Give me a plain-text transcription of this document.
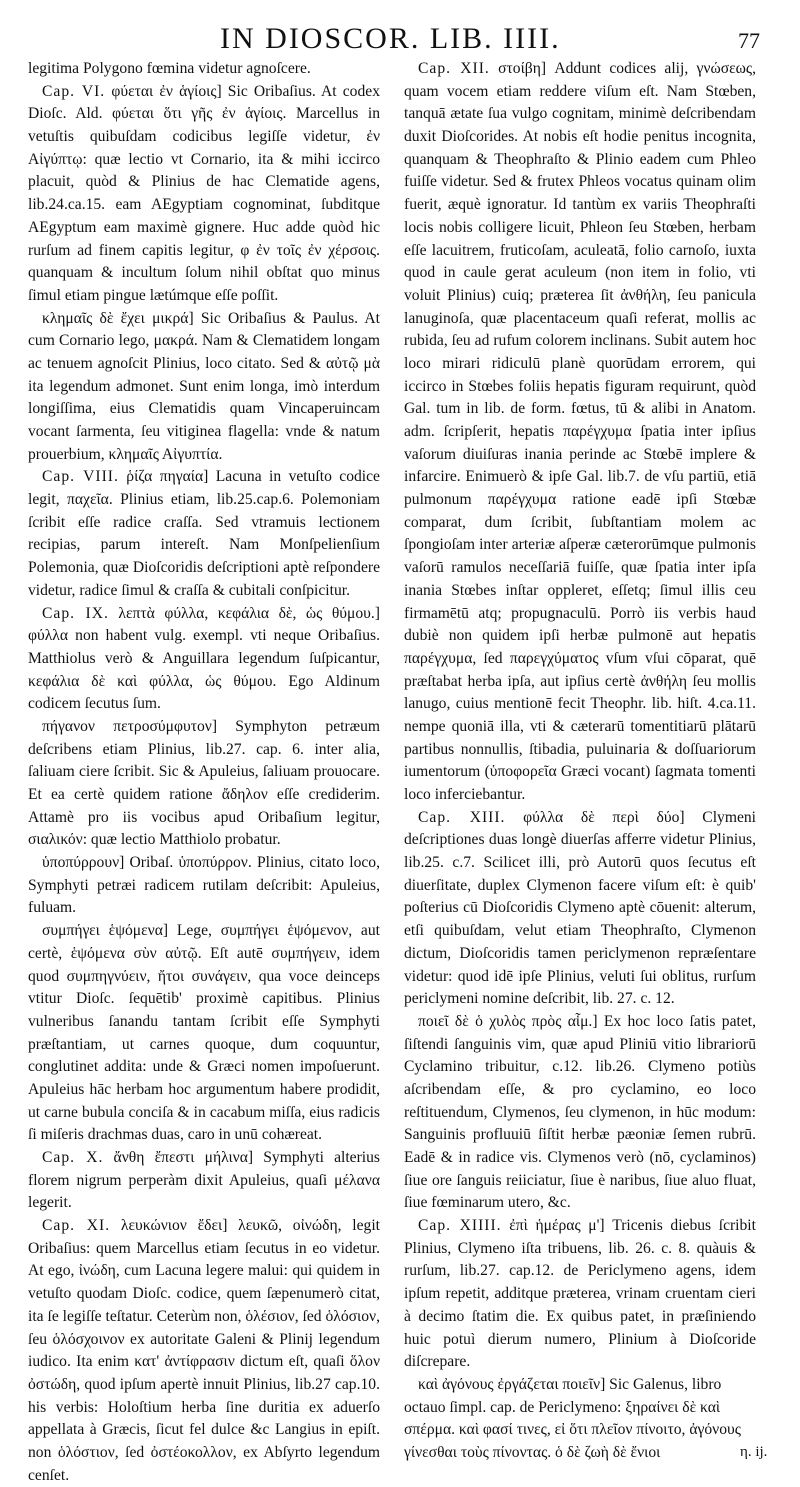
IN DIOSCOR. LIB. IIII.	77

legitima Polygono fœmina videtur agnoſcere.

Cap. VI. φύεται ἐν ἁγίοις] Sic Oribaſius. At codex Dioſc. Ald. φύεται ὅτι γῆς ἐν ἁγίοις. Marcellus in vetuſtis quibuſdam codicibus legiſſe videtur, ἐν Αἰγύπτῳ: quæ lectio vt Cornario, ita & mihi iccirco placuit, quòd & Plinius de hac Clematide agens, lib.24.ca.15. eam AEgyptiam cognominat, ſubditque AEgyptum eam maximè gignere. Huc adde quòd hic rurſum ad finem capitis legitur, φ ἐν τοῖς ἐν χέρσοις. quanquam & incultum ſolum nihil obſtat quo minus ſimul etiam pingue lætúmque eſſe poſſit.

κλημαῖς δὲ ἔχει μικρά] Sic Oribaſius & Paulus. At cum Cornario lego, μακρά. Nam & Clematidem longam ac tenuem agnoſcit Plinius, loco citato. Sed & αὐτῷ μὰ ita legendum admonet. Sunt enim longa, imò interdum longiſſima, eius Clematidis quam Vincaperuincam vocant ſarmenta, ſeu vitiginea flagella: vnde & natum prouerbium, κλημαῖς Αἰγυπτία.

Cap. VIII. ῥίζα πηγαία] Lacuna in vetuſto codice legit, παχεῖα. Plinius etiam, lib.25.cap.6. Polemoniam ſcribit eſſe radice craſſa. Sed vtramuis lectionem recipias, parum intereſt. Nam Monſpelienſium Polemonia, quæ Dioſcoridis deſcriptioni aptè reſpondere videtur, radice ſimul & craſſa & cubitali conſpicitur.

Cap. IX. λεπτὰ φύλλα, κεφάλια δὲ, ὡς θύμου.] φύλλα non habent vulg. exempl. vti neque Oribaſius. Matthiolus verò & Anguillara legendum ſuſpicantur, κεφάλια δὲ καὶ φύλλα, ὡς θύμου. Ego Aldinum codicem ſecutus ſum.

πήγανον πετροσύμφυτον] Symphyton petræum deſcribens etiam Plinius, lib.27. cap. 6. inter alia, ſaliuam ciere ſcribit. Sic & Apuleius, ſaliuam prouocare. Et ea certè quidem ratione ἄδηλον eſſe crediderim. Attamè pro iis vocibus apud Oribaſium legitur, σιαλικόν: quæ lectio Matthiolo probatur.

ὑποπύρρουν] Oribaſ. ὑποπύρρον. Plinius, citato loco, Symphyti petræi radicem rutilam deſcribit: Apuleius, fuluam.

συμπήγει ἑψόμενα] Lege, συμπήγει ἑψόμενον, aut certè, ἑψόμενα σὺν αὐτῷ. Eſt autē συμπήγειν, idem quod συμπηγνύειν, ἤτοι συνάγειν, qua voce deinceps vtitur Dioſc. ſequētib' proximè capitibus. Plinius vulneribus ſanandu tantam ſcribit eſſe Symphyti præſtantiam, ut carnes quoque, dum coquuntur, conglutinet addita: unde & Græci nomen impoſuerunt. Apuleius hāc herbam hoc argumentum habere prodidit, ut carne bubula conciſa & in cacabum miſſa, eius radicis ſi miſeris drachmas duas, caro in unū cohæreat.

Cap. X. ἄνθη ἔπεστι μήλινα] Symphyti alterius florem nigrum perperàm dixit Apuleius, quaſi μέλανα legerit.

Cap. XI. λευκώνιον ἔδει] λευκῶ, οἰνώδη, legit Oribaſius: quem Marcellus etiam ſecutus in eo videtur. At ego, ἰνώδη, cum Lacuna legere malui: qui quidem in vetuſto quodam Dioſc. codice, quem ſæpenumerò citat, ita ſe legiſſe teſtatur. Ceterùm non, ὁλέσιον, ſed ὁλόσιον, ſeu ὁλόσχοινον ex autoritate Galeni & Plinij legendum iudico. Ita enim κατ' ἀντίφρασιν dictum eſt, quaſi ὅλον ὀστώδη, quod ipſum apertè innuit Plinius, lib.27 cap.10. his verbis: Holoſtium herba ſine duritia ex aduerſo appellata à Græcis, ſicut fel dulce &c Langius in epiſt. non ὁλόστιον, ſed ὀστέοκολλον, ex Abſyrto legendum cenſet.

Cap. XII. στοίβη] Addunt codices alij, γνώσεως, quam vocem etiam reddere viſum eſt. Nam Stœben, tanquā ætate ſua vulgo cognitam, minimè deſcribendam duxit Dioſcorides. At nobis eſt hodie penitus incognita, quanquam & Theophraſto & Plinio eadem cum Phleo fuiſſe videtur. Sed & frutex Phleos vocatus quinam olim fuerit, æquè ignoratur. Id tantùm ex variis Theophraſti locis nobis colligere licuit, Phleon ſeu Stœben, herbam eſſe lacuitrem, fruticoſam, aculeatā, folio carnoſo, iuxta quod in caule gerat aculeum (non item in folio, vti voluit Plinius) cuiq; præterea ſit ἀνθήλη, ſeu panicula lanuginoſa, quæ placentaceum quaſi referat, mollis ac rubida, ſeu ad rufum colorem inclinans. Subit autem hoc loco mirari ridiculū planè quorūdam errorem, qui iccirco in Stœbes foliis hepatis figuram requirunt, quòd Gal. tum in lib. de form. fœtus, tū & alibi in Anatom. adm. ſcripſerit, hepatis παρέγχυμα ſpatia inter ipſius vaſorum diuiſuras inania perinde ac Stœbē implere & infarcire. Enimuerò & ipſe Gal. lib.7. de vſu partiū, etiā pulmonum παρέγχυμα ratione eadē ipſi Stœbæ comparat, dum ſcribit, ſubſtantiam molem ac ſpongioſam inter arteriæ aſperæ cæterorūmque pulmonis vaſorū ramulos neceſſariā fuiſſe, quæ ſpatia inter ipſa inania Stœbes inſtar oppleret, eſſetq; ſimul illis ceu firmamētū atq; propugnaculū. Porrò iis verbis haud dubiè non quidem ipſi herbæ pulmonē aut hepatis παρέγχυμα, ſed παρεγχύματος vſum vſui cōparat, quē præſtabat herba ipſa, aut ipſius certè ἀνθήλη ſeu mollis lanugo, cuius mentionē fecit Theophr. lib. hiſt. 4.ca.11. nempe quoniā illa, vti & cæterarū tomentitiarū plātarū partibus nonnullis, ſtibadia, puluinaria & doſſuariorum iumentorum (ὑποφορεῖα Græci vocant) ſagmata tomenti loco inferciebantur.

Cap. XIII. φύλλα δὲ περὶ δύο] Clymeni deſcriptiones duas longè diuerſas afferre videtur Plinius, lib.25. c.7. Scilicet illi, prò Autorū quos ſecutus eſt diuerſitate, duplex Clymenon facere viſum eſt: è quib' poſterius cū Dioſcoridis Clymeno aptè cōuenit: alterum, etſi quibuſdam, velut etiam Theophraſto, Clymenon dictum, Dioſcoridis tamen periclymenon repræſentare videtur: quod idē ipſe Plinius, veluti ſui oblitus, rurſum periclymeni nomine deſcribit, lib. 27. c. 12.

ποιεῖ δὲ ὁ χυλὸς πρὸς αἷμ.] Ex hoc loco ſatis patet, ſiſtendi ſanguinis vim, quæ apud Pliniū vitio librariorū Cyclamino tribuitur, c.12. lib.26. Clymeno potiùs aſcribendam eſſe, & pro cyclamino, eo loco reſtituendum, Clymenos, ſeu clymenon, in hūc modum: Sanguinis profluuiū ſiſtit herbæ pæoniæ ſemen rubrū. Eadē & in radice vis. Clymenos verò (nō, cyclaminos) ſiue ore ſanguis reiiciatur, ſiue è naribus, ſiue aluo fluat, ſiue fœminarum utero, &c.

Cap. XIIII. ἐπὶ ἡμέρας μ'] Tricenis diebus ſcribit Plinius, Clymeno iſta tribuens, lib. 26. c. 8. quàuis & rurſum, lib.27. cap.12. de Periclymeno agens, idem ipſum repetit, additque præterea, vrinam cruentam cieri à decimo ſtatim die. Ex quibus patet, in præſiniendo huic potuì dierum numero, Plinium à Dioſcoride diſcrepare.

καὶ ἀγόνους ἐργάζεται ποιεῖν] Sic Galenus, libro octauo ſimpl. cap. de Periclymeno: ξηραίνει δὲ καὶ σπέρμα. καὶ φασί τινες, εἰ ὅτι πλεῖον πίνοιτο, ἀγόνους γίνεσθαι τοὺς πίνοντας. ὁ δὲ ζωὴ δὲ ἔνιοι	η. ij.
